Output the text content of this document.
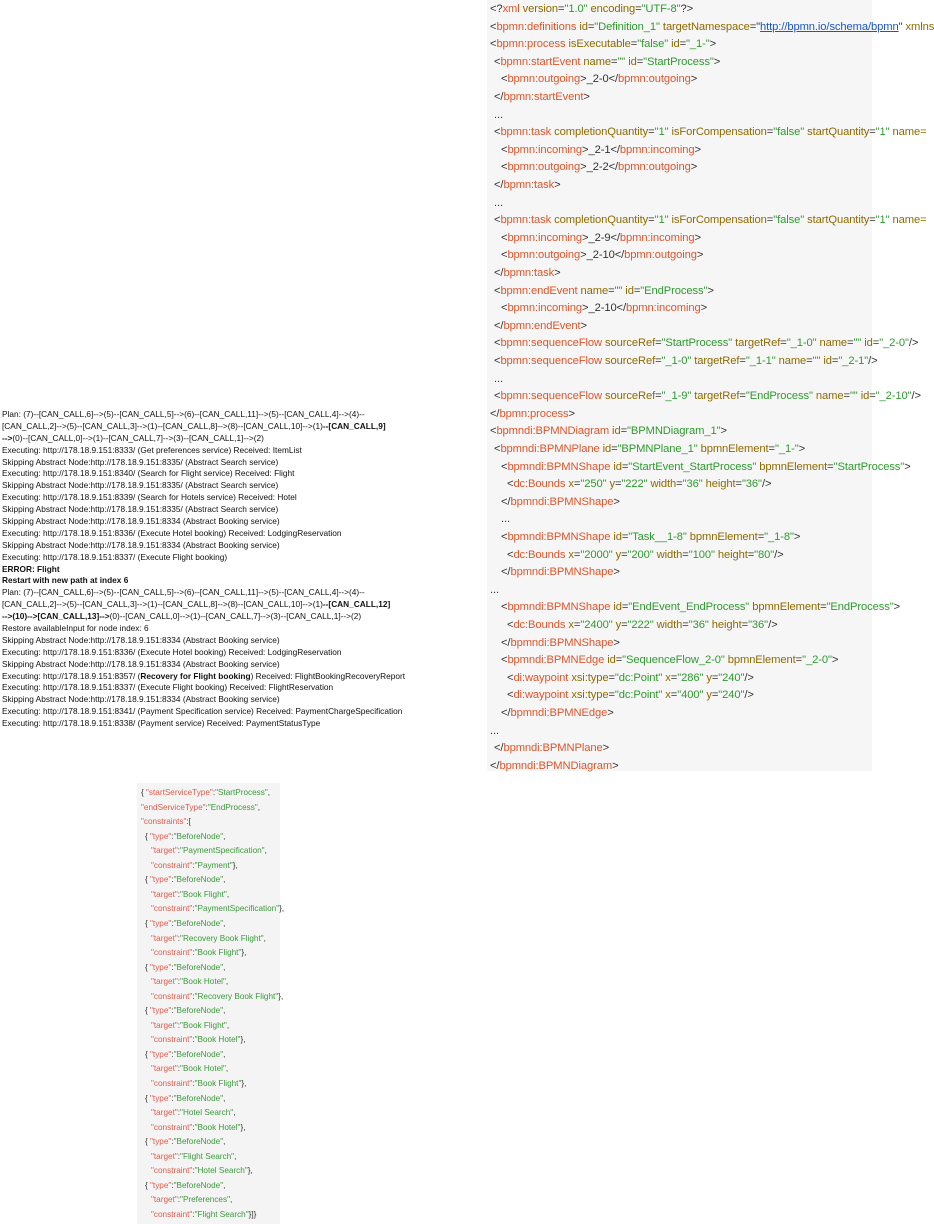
<?xml version="1.0" encoding="UTF-8"?>
<bpmn:definitions id="Definition_1" targetNamespace="http://bpmn.io/schema/bpmn" xmlns
<bpmn:process isExecutable="false" id="_1-">
<bpmn:startEvent name="" id="StartProcess">
<bpmn:outgoing>_2-0</bpmn:outgoing>
</bpmn:startEvent>
...
<bpmn:task completionQuantity="1" isForCompensation="false" startQuantity="1" name=
<bpmn:incoming>_2-1</bpmn:incoming>
<bpmn:outgoing>_2-2</bpmn:outgoing>
</bpmn:task>
...
<bpmn:task completionQuantity="1" isForCompensation="false" startQuantity="1" name=
<bpmn:incoming>_2-9</bpmn:incoming>
<bpmn:outgoing>_2-10</bpmn:outgoing>
</bpmn:task>
<bpmn:endEvent name="" id="EndProcess">
<bpmn:incoming>_2-10</bpmn:incoming>
</bpmn:endEvent>
<bpmn:sequenceFlow sourceRef="StartProcess" targetRef="_1-0" name="" id="_2-0"/>
<bpmn:sequenceFlow sourceRef="_1-0" targetRef="_1-1" name="" id="_2-1"/>
...
<bpmn:sequenceFlow sourceRef="_1-9" targetRef="EndProcess" name="" id="_2-10"/>
</bpmn:process>
<bpmndi:BPMNDiagram id="BPMNDiagram_1">
<bpmndi:BPMNPlane id="BPMNPlane_1" bpmnElement="_1-">
<bpmndi:BPMNShape id="StartEvent_StartProcess" bpmnElement="StartProcess">
<dc:Bounds x="250" y="222" width="36" height="36"/>
</bpmndi:BPMNShape>
...
<bpmndi:BPMNShape id="Task__1-8" bpmnElement="_1-8">
<dc:Bounds x="2000" y="200" width="100" height="80"/>
</bpmndi:BPMNShape>
...
<bpmndi:BPMNShape id="EndEvent_EndProcess" bpmnElement="EndProcess">
<dc:Bounds x="2400" y="222" width="36" height="36"/>
</bpmndi:BPMNShape>
<bpmndi:BPMNEdge id="SequenceFlow_2-0" bpmnElement="_2-0">
<di:waypoint xsi:type="dc:Point" x="286" y="240"/>
<di:waypoint xsi:type="dc:Point" x="400" y="240"/>
</bpmndi:BPMNEdge>
...
</bpmndi:BPMNPlane>
</bpmndi:BPMNDiagram>
Plan: (7)--[CAN_CALL,6]-->(5)--[CAN_CALL,5]-->(6)--[CAN_CALL,11]-->(5)--[CAN_CALL,4]-->(4)--
[CAN_CALL,2]-->(5)--[CAN_CALL,3]-->(1)--[CAN_CALL,8]-->(8)--[CAN_CALL,10]-->(1)--[CAN_CALL,9]
-->(0)--[CAN_CALL,0]-->(1)--[CAN_CALL,7]-->(3)--[CAN_CALL,1]-->(2)
Executing: http://178.18.9.151:8333/ (Get preferences service) Received: ItemList
Skipping Abstract Node:http://178.18.9.151:8335/ (Abstract Search service)
Executing: http://178.18.9.151:8340/ (Search for Flight service) Received: Flight
Skipping Abstract Node:http://178.18.9.151:8335/ (Abstract Search service)
Executing: http://178.18.9.151:8339/ (Search for Hotels service) Received: Hotel
Skipping Abstract Node:http://178.18.9.151:8335/ (Abstract Search service)
Skipping Abstract Node:http://178.18.9.151:8334 (Abstract Booking service)
Executing: http://178.18.9.151:8336/ (Execute Hotel booking) Received: LodgingReservation
Skipping Abstract Node:http://178.18.9.151:8334 (Abstract Booking service)
Executing: http://178.18.9.151:8337/ (Execute Flight booking)
ERROR: Flight
Restart with new path at index 6
Plan: (7)--[CAN_CALL,6]-->(5)--[CAN_CALL,5]-->(6)--[CAN_CALL,11]-->(5)--[CAN_CALL,4]-->(4)--
[CAN_CALL,2]-->(5)--[CAN_CALL,3]-->(1)--[CAN_CALL,8]-->(8)--[CAN_CALL,10]-->(1)--[CAN_CALL,12]
-->(10)-->[CAN_CALL,13]-->(0)--[CAN_CALL,0]-->(1)--[CAN_CALL,7]-->(3)--[CAN_CALL,1]-->(2)
Restore availableInput for node index: 6
Skipping Abstract Node:http://178.18.9.151:8334 (Abstract Booking service)
Executing: http://178.18.9.151:8336/ (Execute Hotel booking) Received: LodgingReservation
Skipping Abstract Node:http://178.18.9.151:8334 (Abstract Booking service)
Executing: http://178.18.9.151:8357/ (Recovery for Flight booking) Received: FlightBookingRecoveryReport
Executing: http://178.18.9.151:8337/ (Execute Flight booking) Received: FlightReservation
Skipping Abstract Node:http://178.18.9.151:8334 (Abstract Booking service)
Executing: http://178.18.9.151:8341/ (Payment Specification service) Received: PaymentChargeSpecification
Executing: http://178.18.9.151:8338/ (Payment service) Received: PaymentStatusType
{ "startServiceType":"StartProcess",
"endServiceType":"EndProcess",
"constraints":[
{ "type":"BeforeNode",
"target":"PaymentSpecification",
"constraint":"Payment"},
{ "type":"BeforeNode",
"target":"Book Flight",
"constraint":"PaymentSpecification"},
{ "type":"BeforeNode",
"target":"Recovery Book Flight",
"constraint":"Book Flight"},
{ "type":"BeforeNode",
"target":"Book Hotel",
"constraint":"Recovery Book Flight"},
{ "type":"BeforeNode",
"target":"Book Flight",
"constraint":"Book Hotel"},
{ "type":"BeforeNode",
"target":"Book Hotel",
"constraint":"Book Flight"},
{ "type":"BeforeNode",
"target":"Hotel Search",
"constraint":"Book Hotel"},
{ "type":"BeforeNode",
"target":"Flight Search",
"constraint":"Hotel Search"},
{ "type":"BeforeNode",
"target":"Preferences",
"constraint":"Flight Search"}]}
